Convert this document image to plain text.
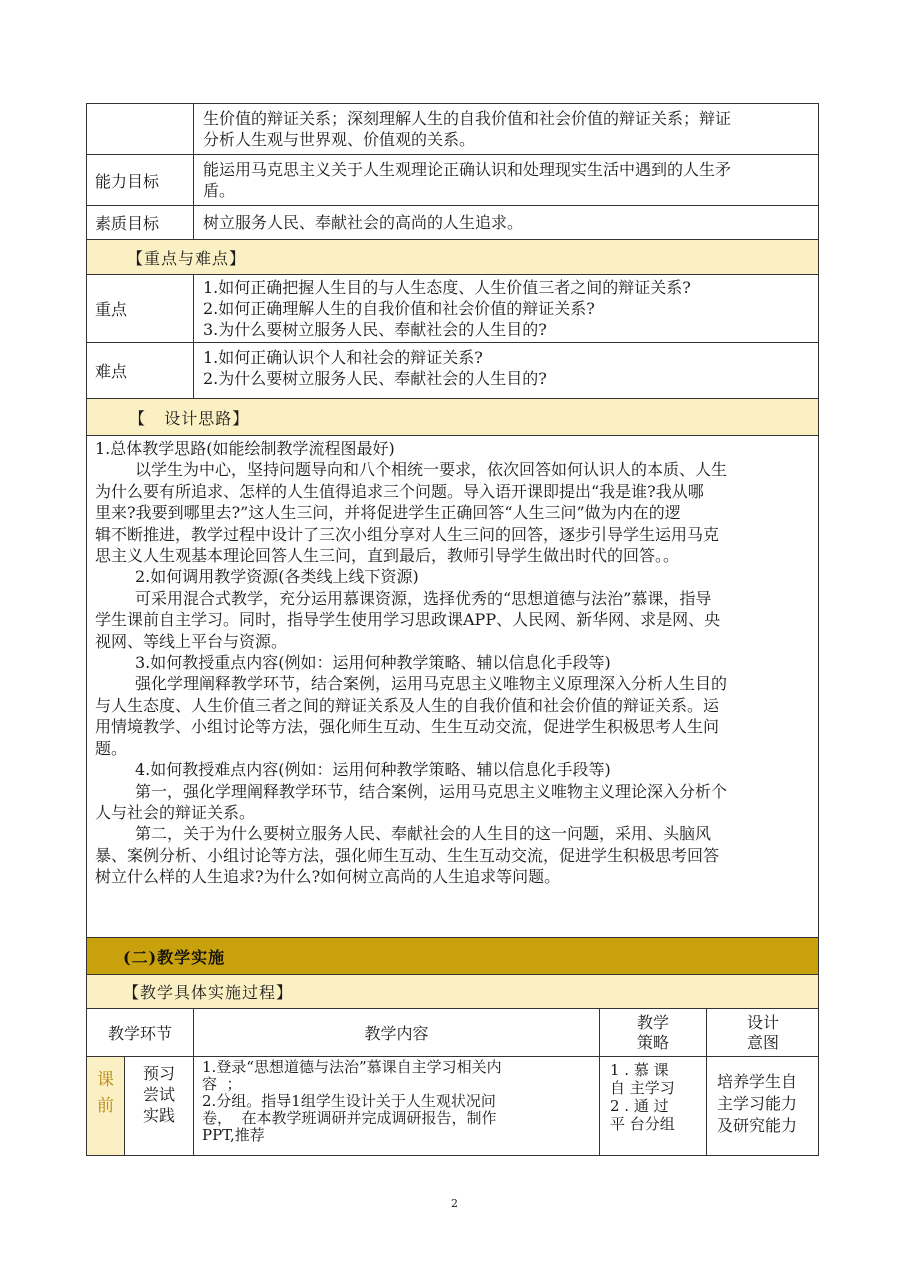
生价值的辩证关系；深刻理解人生的自我价值和社会价值的辩证关系；辩证
分析人生观与世界观、价值观的关系。
能力目标
能运用马克思主义关于人生观理论正确认识和处理现实生活中遇到的人生矛
盾。
素质目标	树立服务人民、奉献社会的高尚的人生追求。
【重点与难点】
重点
1.如何正确把握人生目的与人生态度、人生价值三者之间的辩证关系?
2.如何正确理解人生的自我价值和社会价值的辩证关系?
3.为什么要树立服务人民、奉献社会的人生目的?
难点
1.如何正确认识个人和社会的辩证关系?
2.为什么要树立服务人民、奉献社会的人生目的?
【   设计思路】
1.总体教学思路(如能绘制教学流程图最好)
以学生为中心，坚持问题导向和八个相统一要求，依次回答如何认识人的本质、人生
为什么要有所追求、怎样的人生值得追求三个问题。导入语开课即提出“我是谁?我从哪
里来?我要到哪里去?”这人生三问，并将促进学生正确回答“人生三问”做为内在的逻
辑不断推进，教学过程中设计了三次小组分享对人生三问的回答，逐步引导学生运用马克
思主义人生观基本理论回答人生三问，直到最后，教师引导学生做出时代的回答。。
2.如何调用教学资源(各类线上线下资源)
可采用混合式教学，充分运用慕课资源，选择优秀的“思想道德与法治”慕课，指导
学生课前自主学习。同时，指导学生使用学习思政课APP、人民网、新华网、求是网、央
视网、等线上平台与资源。
3.如何教授重点内容(例如：运用何种教学策略、辅以信息化手段等)
强化学理阐释教学环节，结合案例，运用马克思主义唯物主义原理深入分析人生目的
与人生态度、人生价值三者之间的辩证关系及人生的自我价值和社会价值的辩证关系。运
用情境教学、小组讨论等方法，强化师生互动、生生互动交流，促进学生积极思考人生问
题。
4.如何教授难点内容(例如：运用何种教学策略、辅以信息化手段等)
第一，强化学理阐释教学环节，结合案例，运用马克思主义唯物主义理论深入分析个
人与社会的辩证关系。
第二，关于为什么要树立服务人民、奉献社会的人生目的这一问题，采用、头脑风
暴、案例分析、小组讨论等方法，强化师生互动、生生互动交流，促进学生积极思考回答
树立什么样的人生追求?为什么?如何树立高尚的人生追求等问题。
(二)教学实施
【教学具体实施过程】
教学环节	教学内容
教学
策略
设计
意图
课
前
预习
尝试
实践
1.登录“思想道德与法治”慕课自主学习相关内
容  ；
2.分组。指导1组学生设计关于人生观状况问
卷，  在本教学班调研并完成调研报告，制作
PPT,推荐
1 . 慕 课
自 主学习
2 . 通 过
平 台分组
培养学生自
主学习能力
及研究能力
2
